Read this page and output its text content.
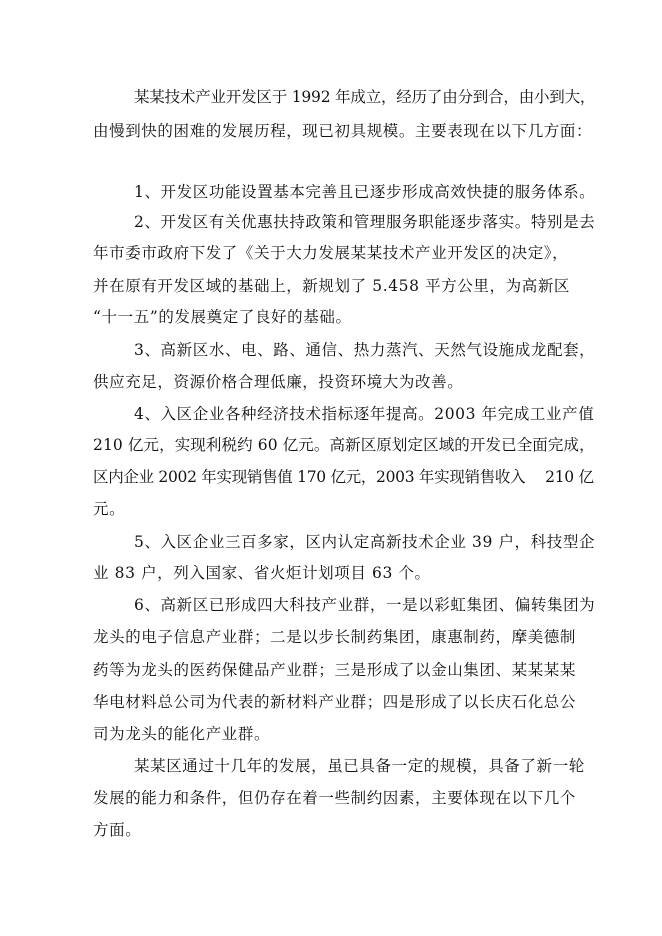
某某技术产业开发区于 1992 年成立，经历了由分到合，由小到大，
由慢到快的困难的发展历程，现已初具规模。主要表现在以下几方面：
1、开发区功能设置基本完善且已逐步形成高效快捷的服务体系。
2、开发区有关优惠扶持政策和管理服务职能逐步落实。特别是去
年市委市政府下发了《关于大力发展某某技术产业开发区的决定》，
并在原有开发区域的基础上，新规划了 5.458 平方公里，为高新区
“十一五”的发展奠定了良好的基础。
3、高新区水、电、路、通信、热力蒸汽、天然气设施成龙配套，
供应充足，资源价格合理低廉，投资环境大为改善。
4、入区企业各种经济技术指标逐年提高。2003 年完成工业产值
210 亿元，实现利税约 60 亿元。高新区原划定区域的开发已全面完成，
区内企业 2002 年实现销售值 170 亿元，2003 年实现销售收入　 210 亿
元。
5、入区企业三百多家，区内认定高新技术企业 39 户，科技型企
业 83 户，列入国家、省火炬计划项目 63 个。
6、高新区已形成四大科技产业群，一是以彩虹集团、偏转集团为
龙头的电子信息产业群；二是以步长制药集团，康惠制药，摩美德制
药等为龙头的医药保健品产业群；三是形成了以金山集团、某某某某
华电材料总公司为代表的新材料产业群；四是形成了以长庆石化总公
司为龙头的能化产业群。
某某区通过十几年的发展，虽已具备一定的规模，具备了新一轮
发展的能力和条件，但仍存在着一些制约因素，主要体现在以下几个
方面。
